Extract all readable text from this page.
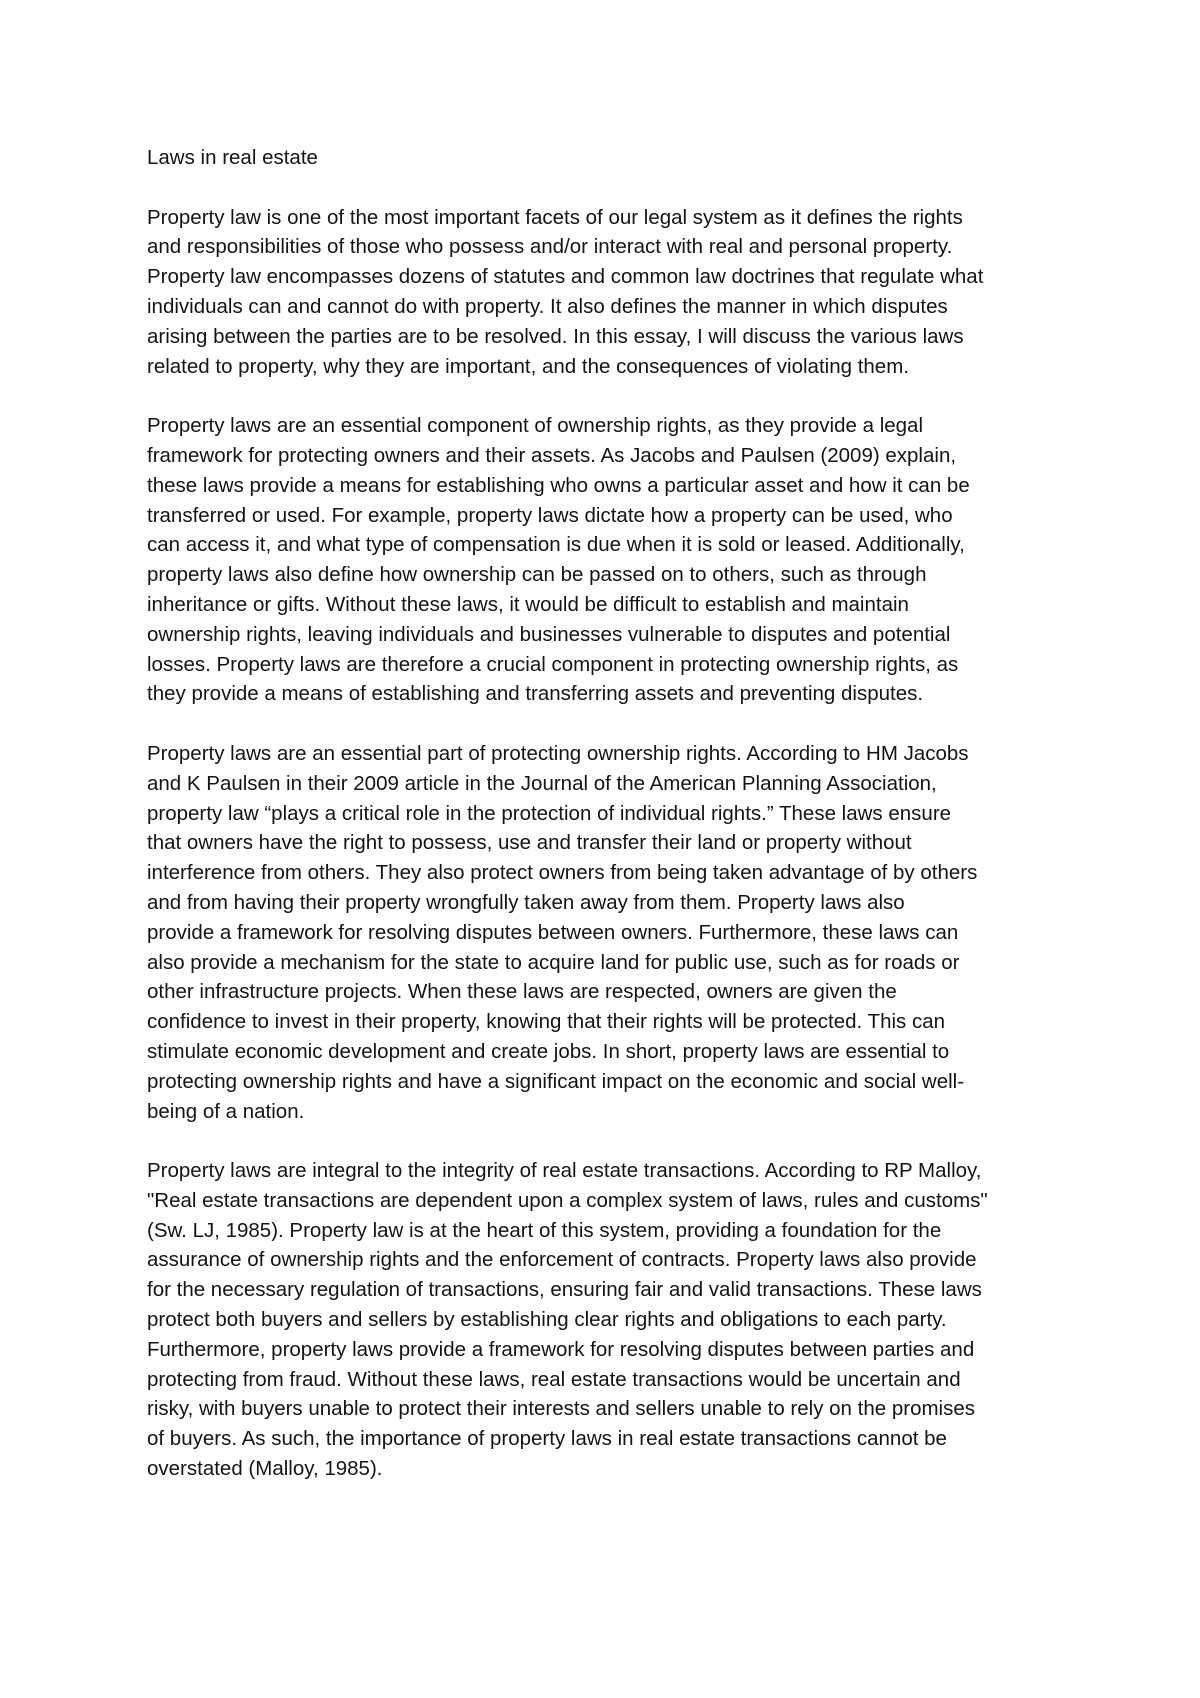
Laws in real estate
Property law is one of the most important facets of our legal system as it defines the rights
and responsibilities of those who possess and/or interact with real and personal property.
Property law encompasses dozens of statutes and common law doctrines that regulate what
individuals can and cannot do with property. It also defines the manner in which disputes
arising between the parties are to be resolved. In this essay, I will discuss the various laws
related to property, why they are important, and the consequences of violating them.
Property laws are an essential component of ownership rights, as they provide a legal
framework for protecting owners and their assets. As Jacobs and Paulsen (2009) explain,
these laws provide a means for establishing who owns a particular asset and how it can be
transferred or used. For example, property laws dictate how a property can be used, who
can access it, and what type of compensation is due when it is sold or leased. Additionally,
property laws also define how ownership can be passed on to others, such as through
inheritance or gifts. Without these laws, it would be difficult to establish and maintain
ownership rights, leaving individuals and businesses vulnerable to disputes and potential
losses. Property laws are therefore a crucial component in protecting ownership rights, as
they provide a means of establishing and transferring assets and preventing disputes.
Property laws are an essential part of protecting ownership rights. According to HM Jacobs
and K Paulsen in their 2009 article in the Journal of the American Planning Association,
property law “plays a critical role in the protection of individual rights.” These laws ensure
that owners have the right to possess, use and transfer their land or property without
interference from others. They also protect owners from being taken advantage of by others
and from having their property wrongfully taken away from them. Property laws also
provide a framework for resolving disputes between owners. Furthermore, these laws can
also provide a mechanism for the state to acquire land for public use, such as for roads or
other infrastructure projects. When these laws are respected, owners are given the
confidence to invest in their property, knowing that their rights will be protected. This can
stimulate economic development and create jobs. In short, property laws are essential to
protecting ownership rights and have a significant impact on the economic and social well-
being of a nation.
Property laws are integral to the integrity of real estate transactions. According to RP Malloy,
"Real estate transactions are dependent upon a complex system of laws, rules and customs"
(Sw. LJ, 1985). Property law is at the heart of this system, providing a foundation for the
assurance of ownership rights and the enforcement of contracts. Property laws also provide
for the necessary regulation of transactions, ensuring fair and valid transactions. These laws
protect both buyers and sellers by establishing clear rights and obligations to each party.
Furthermore, property laws provide a framework for resolving disputes between parties and
protecting from fraud. Without these laws, real estate transactions would be uncertain and
risky, with buyers unable to protect their interests and sellers unable to rely on the promises
of buyers. As such, the importance of property laws in real estate transactions cannot be
overstated (Malloy, 1985).
